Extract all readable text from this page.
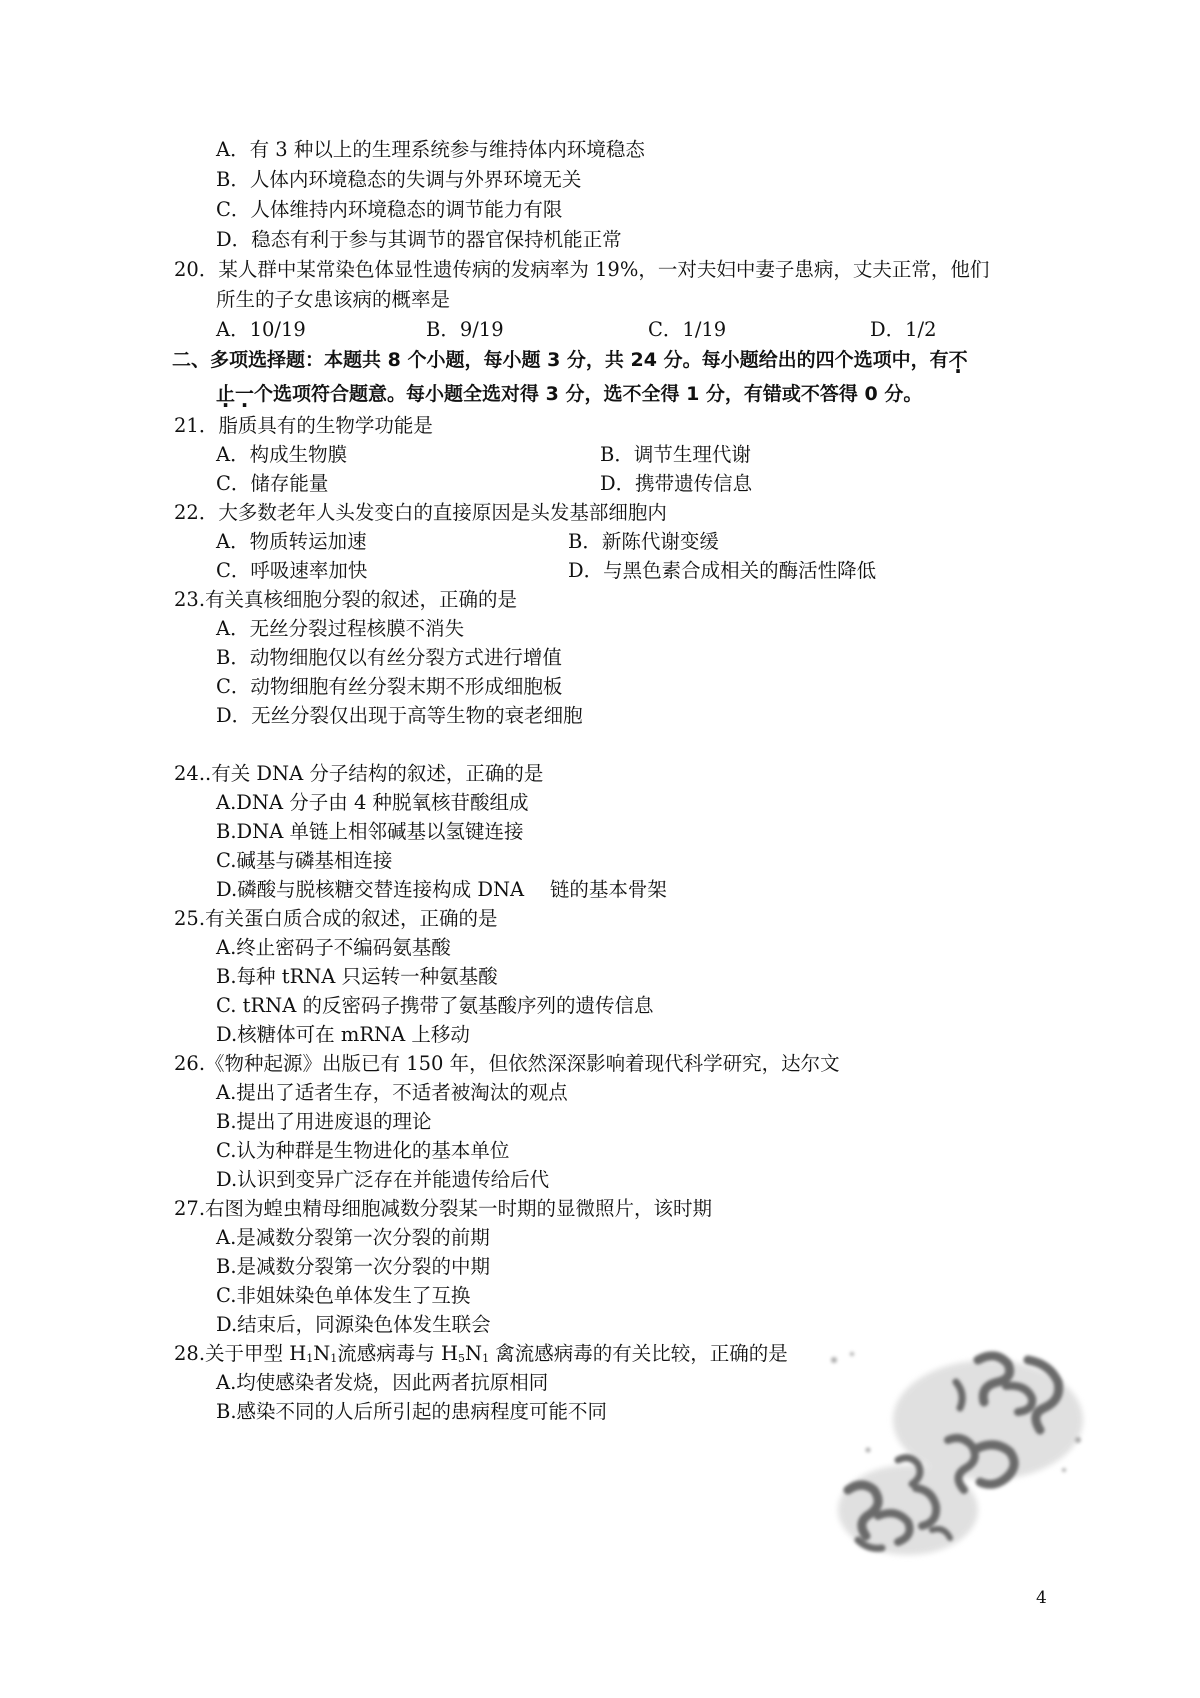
A．有 3 种以上的生理系统参与维持体内环境稳态
B．人体内环境稳态的失调与外界环境无关
C．人体维持内环境稳态的调节能力有限
D．稳态有利于参与其调节的器官保持机能正常
20．某人群中某常染色体显性遗传病的发病率为 19%，一对夫妇中妻子患病，丈夫正常，他们
所生的子女患该病的概率是
A．10/19	B．9/19	C．1/19	D．1/2
二、多项选择题：本题共 8 个小题，每小题 3 分，共 24 分。每小题给出的四个选项中，有不
止一个选项符合题意。每小题全选对得 3 分，选不全得 1 分，有错或不答得 0 分。
21．脂质具有的生物学功能是
A．构成生物膜	B．调节生理代谢
C．储存能量	D．携带遗传信息
22．大多数老年人头发变白的直接原因是头发基部细胞内
A．物质转运加速	B．新陈代谢变缓
C．呼吸速率加快	D．与黑色素合成相关的酶活性降低
23.有关真核细胞分裂的叙述，正确的是
A．无丝分裂过程核膜不消失
B．动物细胞仅以有丝分裂方式进行增值
C．动物细胞有丝分裂末期不形成细胞板
D．无丝分裂仅出现于高等生物的衰老细胞
24..有关 DNA 分子结构的叙述，正确的是
A.DNA 分子由 4 种脱氧核苷酸组成
B.DNA 单链上相邻碱基以氢键连接
C.碱基与磷基相连接
D.磷酸与脱核糖交替连接构成 DNA　 链的基本骨架
25.有关蛋白质合成的叙述，正确的是
A.终止密码子不编码氨基酸
B.每种 tRNA 只运转一种氨基酸
C. tRNA 的反密码子携带了氨基酸序列的遗传信息
D.核糖体可在 mRNA 上移动
26.《物种起源》出版已有 150 年，但依然深深影响着现代科学研究，达尔文
A.提出了适者生存，不适者被淘汰的观点
B.提出了用进废退的理论
C.认为种群是生物进化的基本单位
D.认识到变异广泛存在并能遗传给后代
27.右图为蝗虫精母细胞减数分裂某一时期的显微照片，该时期
A.是减数分裂第一次分裂的前期
B.是减数分裂第一次分裂的中期
C.非姐妹染色单体发生了互换
D.结束后，同源染色体发生联会
28.关于甲型 $H_1N_1$流感病毒与 $H_5N_1$ 禽流感病毒的有关比较，正确的是
A.均使感染者发烧，因此两者抗原相同
B.感染不同的人后所引起的患病程度可能不同
4
